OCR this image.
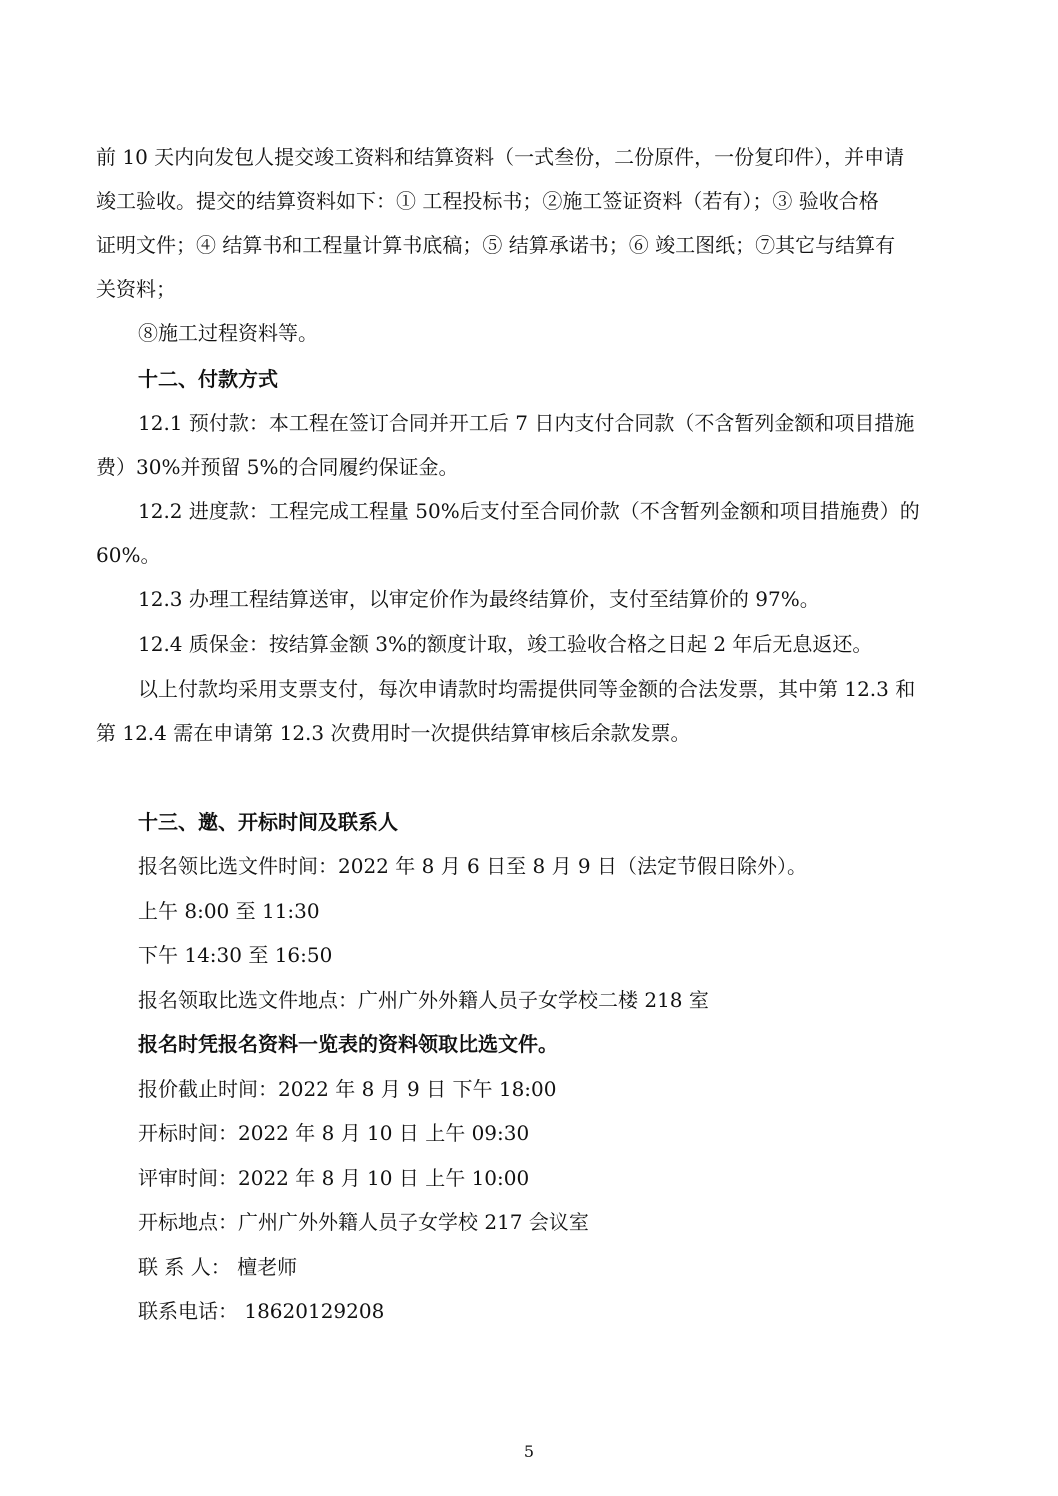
前 10 天内向发包人提交竣工资料和结算资料（一式叁份，二份原件，一份复印件），并申请
竣工验收。提交的结算资料如下：① 工程投标书；②施工签证资料（若有）；③ 验收合格
证明文件；④ 结算书和工程量计算书底稿；⑤ 结算承诺书；⑥ 竣工图纸；⑦其它与结算有
关资料；
⑧施工过程资料等。
十二、付款方式
12.1 预付款：本工程在签订合同并开工后 7 日内支付合同款（不含暂列金额和项目措施
费）30%并预留 5%的合同履约保证金。
12.2 进度款：工程完成工程量 50%后支付至合同价款（不含暂列金额和项目措施费）的
60%。
12.3 办理工程结算送审，以审定价作为最终结算价，支付至结算价的 97%。
12.4 质保金：按结算金额 3%的额度计取，竣工验收合格之日起 2 年后无息返还。
以上付款均采用支票支付，每次申请款时均需提供同等金额的合法发票，其中第 12.3 和
第 12.4 需在申请第 12.3 次费用时一次提供结算审核后余款发票。
十三、邀、开标时间及联系人
报名领比选文件时间：2022 年 8 月 6 日至 8 月 9 日（法定节假日除外）。
上午 8:00 至 11:30
下午 14:30 至 16:50
报名领取比选文件地点：广州广外外籍人员子女学校二楼 218 室
报名时凭报名资料一览表的资料领取比选文件。
报价截止时间：2022 年 8 月 9 日 下午 18:00
开标时间：2022 年 8 月 10 日 上午 09:30
评审时间：2022 年 8 月 10 日 上午 10:00
开标地点：广州广外外籍人员子女学校 217 会议室
联 系 人： 檀老师
联系电话： 18620129208
5
